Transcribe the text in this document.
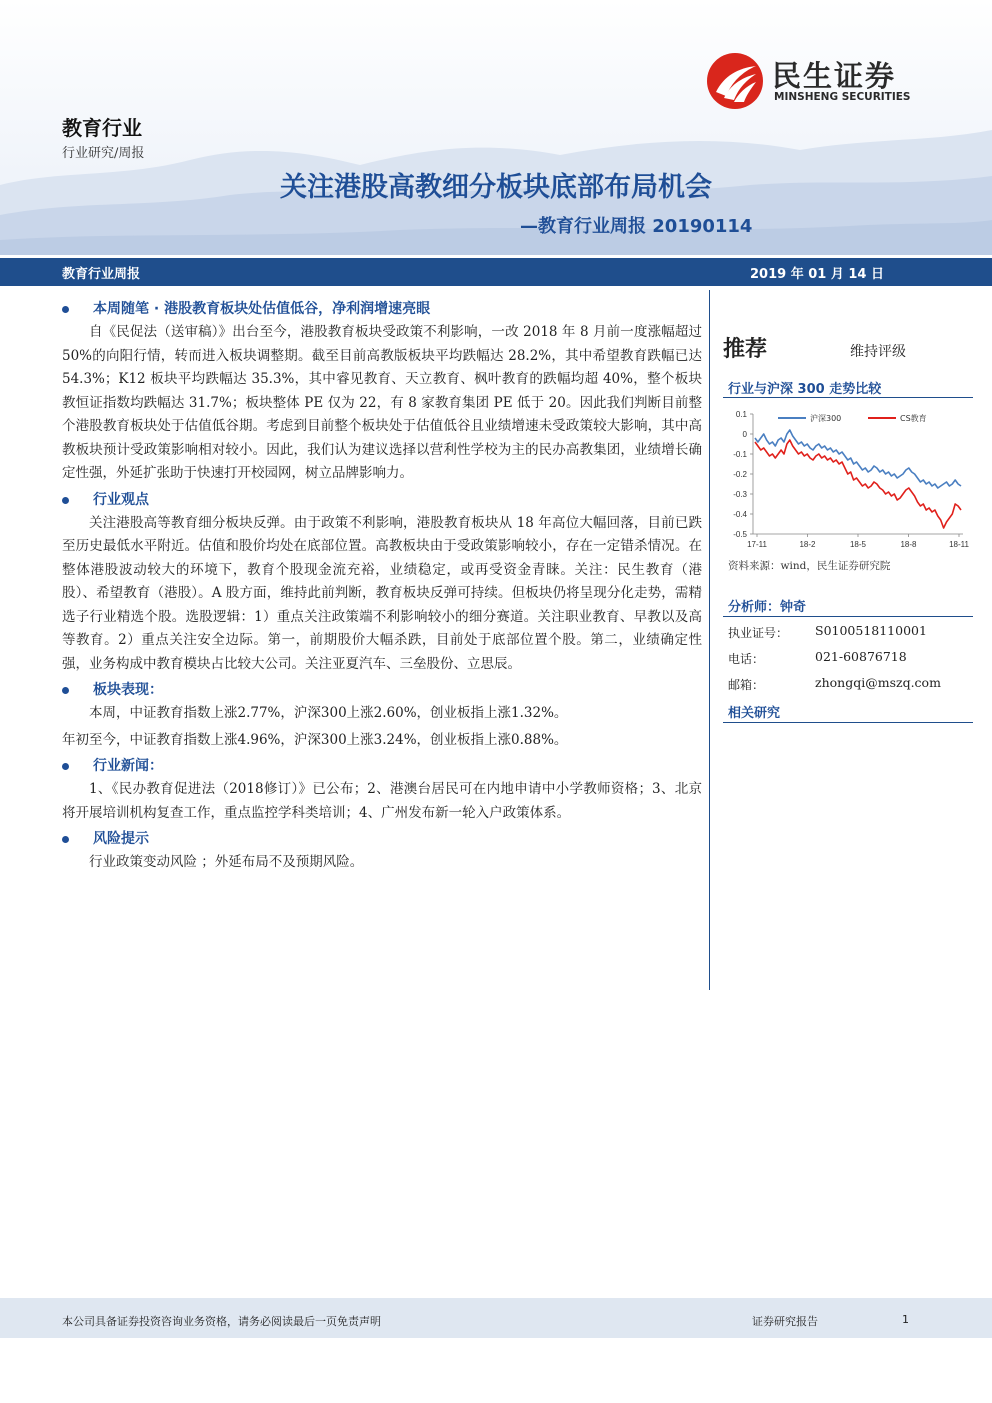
民生证券
MINSHENG SECURITIES
教育行业
行业研究/周报
关注港股高教细分板块底部布局机会
—教育行业周报 20190114
教育行业周报	2019 年 01 月 14 日
本周随笔 · 港股教育板块处估值低谷，净利润增速亮眼
自《民促法（送审稿）》出台至今，港股教育板块受政策不利影响，一改 2018 年 8 月前一度涨幅超过 50%的向阳行情，转而进入板块调整期。截至目前高教版板块平均跌幅达 28.2%，其中希望教育跌幅已达 54.3%；K12 板块平均跌幅达 35.3%，其中睿见教育、天立教育、枫叶教育的跌幅均超 40%，整个板块教恒证指数均跌幅达 31.7%；板块整体 PE 仅为 22，有 8 家教育集团 PE 低于 20。因此我们判断目前整个港股教育板块处于估值低谷期。考虑到目前整个板块处于估值低谷且业绩增速未受政策较大影响，其中高教板块预计受政策影响相对较小。因此，我们认为建议选择以营利性学校为主的民办高教集团，业绩增长确定性强，外延扩张助于快速打开校园网，树立品牌影响力。
行业观点
关注港股高等教育细分板块反弹。由于政策不利影响，港股教育板块从 18 年高位大幅回落，目前已跌至历史最低水平附近。估值和股价均处在底部位置。高教板块由于受政策影响较小，存在一定错杀情况。在整体港股波动较大的环境下，教育个股现金流充裕，业绩稳定，或再受资金青睐。关注：民生教育（港股）、希望教育（港股）。A 股方面，维持此前判断，教育板块反弹可持续。但板块仍将呈现分化走势，需精选子行业精选个股。选股逻辑：1）重点关注政策端不利影响较小的细分赛道。关注职业教育、早教以及高等教育。2）重点关注安全边际。第一，前期股价大幅杀跌，目前处于底部位置个股。第二，业绩确定性强，业务构成中教育模块占比较大公司。关注亚夏汽车、三垒股份、立思辰。
板块表现：
本周，中证教育指数上涨2.77%，沪深300上涨2.60%，创业板指上涨1.32%。
年初至今，中证教育指数上涨4.96%，沪深300上涨3.24%，创业板指上涨0.88%。
行业新闻：
1、《民办教育促进法（2018修订）》已公布；2、港澳台居民可在内地申请中小学教师资格；3、北京将开展培训机构复查工作，重点监控学科类培训；4、广州发布新一轮入户政策体系。
风险提示
行业政策变动风险 ；外延布局不及预期风险。
推荐	维持评级
行业与沪深 300 走势比较
0.1
0
-0.1
-0.2
-0.3
-0.4
-0.5
17-11	18-2	18-5	18-8	18-11
沪深300	CS教育
资料来源：wind，民生证券研究院
分析师：钟奇
执业证号： S0100518110001
电话：	021-60876718
邮箱：	zhongqi@mszq.com
相关研究
本公司具备证券投资咨询业务资格，请务必阅读最后一页免责声明	证券研究报告	1
